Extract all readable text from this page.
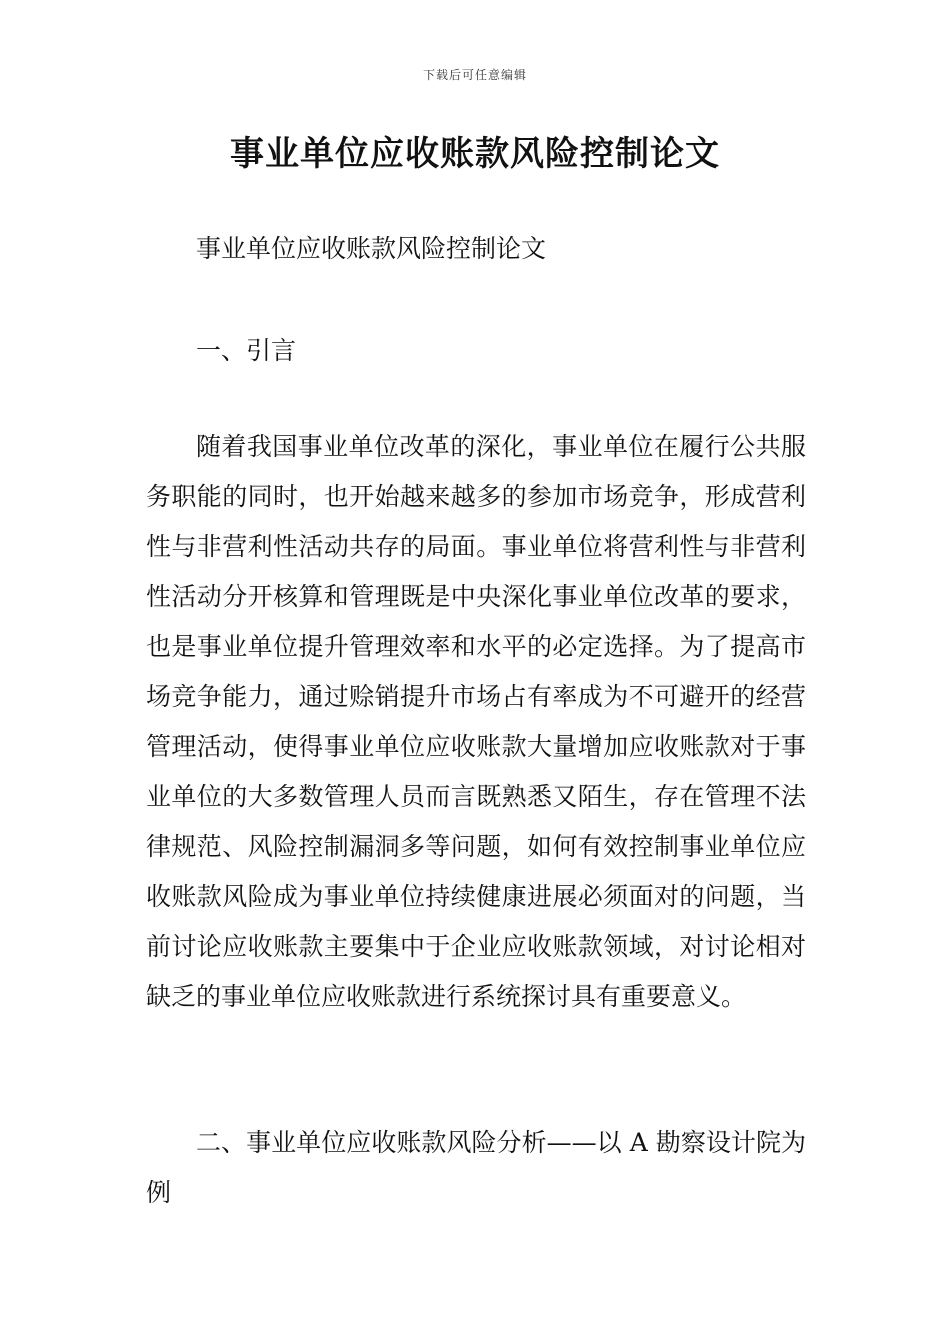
下载后可任意编辑
事业单位应收账款风险控制论文

事业单位应收账款风险控制论文

一、引言

随着我国事业单位改革的深化，事业单位在履行公共服务职能的同时，也开始越来越多的参加市场竞争，形成营利性与非营利性活动共存的局面。事业单位将营利性与非营利性活动分开核算和管理既是中央深化事业单位改革的要求，也是事业单位提升管理效率和水平的必定选择。为了提高市场竞争能力，通过赊销提升市场占有率成为不可避开的经营管理活动，使得事业单位应收账款大量增加应收账款对于事业单位的大多数管理人员而言既熟悉又陌生，存在管理不法律规范、风险控制漏洞多等问题，如何有效控制事业单位应收账款风险成为事业单位持续健康进展必须面对的问题，当前讨论应收账款主要集中于企业应收账款领域，对讨论相对缺乏的事业单位应收账款进行系统探讨具有重要意义。

二、事业单位应收账款风险分析——以 A 勘察设计院为例
